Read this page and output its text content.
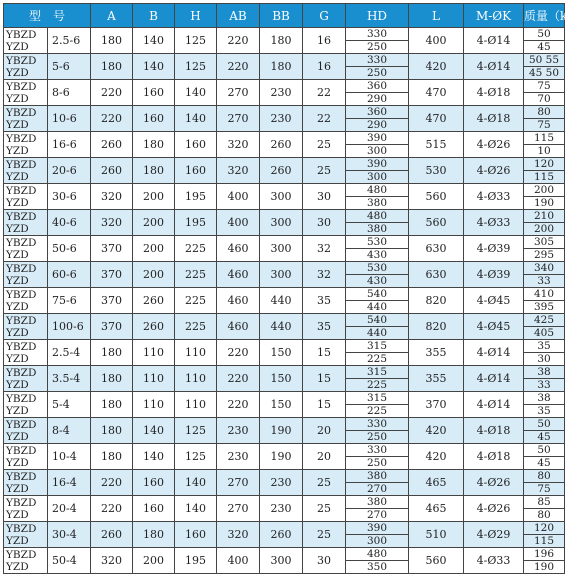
型　号		A	B	H	AB	BB	G	HD	L	M-ØK	质量（kg）

YBZD
YZD	2.5-6	180	140	125	220	180	16	330	400	4-Ø14	50
								250			45

YBZD
YZD	5-6	180	140	125	220	180	16	330	420	4-Ø14	50 55
								250			45 50

YBZD
YZD	8-6	220	160	140	270	230	22	360	470	4-Ø18	75
								290			70

YBZD
YZD	10-6	220	160	140	270	230	22	360	470	4-Ø18	80
								290			75

YBZD
YZD	16-6	260	180	160	320	260	25	390	515	4-Ø26	115
								300			10

YBZD
YZD	20-6	260	180	160	320	260	25	390	530	4-Ø26	120
								300			115

YBZD
YZD	30-6	320	200	195	400	300	30	480	560	4-Ø33	200
								380			190

YBZD
YZD	40-6	320	200	195	400	300	30	480	560	4-Ø33	210
								380			200

YBZD
YZD	50-6	370	200	225	460	300	32	530	630	4-Ø39	305
								430			295

YBZD
YZD	60-6	370	200	225	460	300	32	530	630	4-Ø39	340
								430			33

YBZD
YZD	75-6	370	260	225	460	440	35	540	820	4-Ø45	410
								440			395

YBZD
YZD	100-6	370	260	225	460	440	35	540	820	4-Ø45	425
								440			405

YBZD
YZD	2.5-4	180	110	110	220	150	15	315	355	4-Ø14	35
								225			30

YBZD
YZD	3.5-4	180	110	110	220	150	15	315	355	4-Ø14	38
								225			33

YBZD
YZD	5-4	180	110	110	220	150	15	315	370	4-Ø14	38
								225			35

YBZD
YZD	8-4	180	140	125	230	190	20	330	420	4-Ø18	50
								250			45

YBZD
YZD	10-4	180	140	125	230	190	20	330	420	4-Ø18	50
								250			45

YBZD
YZD	16-4	220	160	140	270	230	25	380	465	4-Ø26	80
								270			75

YBZD
YZD	20-4	220	160	140	270	230	25	380	465	4-Ø26	85
								270			80

YBZD
YZD	30-4	260	180	160	320	260	25	390	510	4-Ø29	120
								300			115

YBZD
YZD	50-4	320	200	195	400	300	30	480	560	4-Ø33	196
								350			190
